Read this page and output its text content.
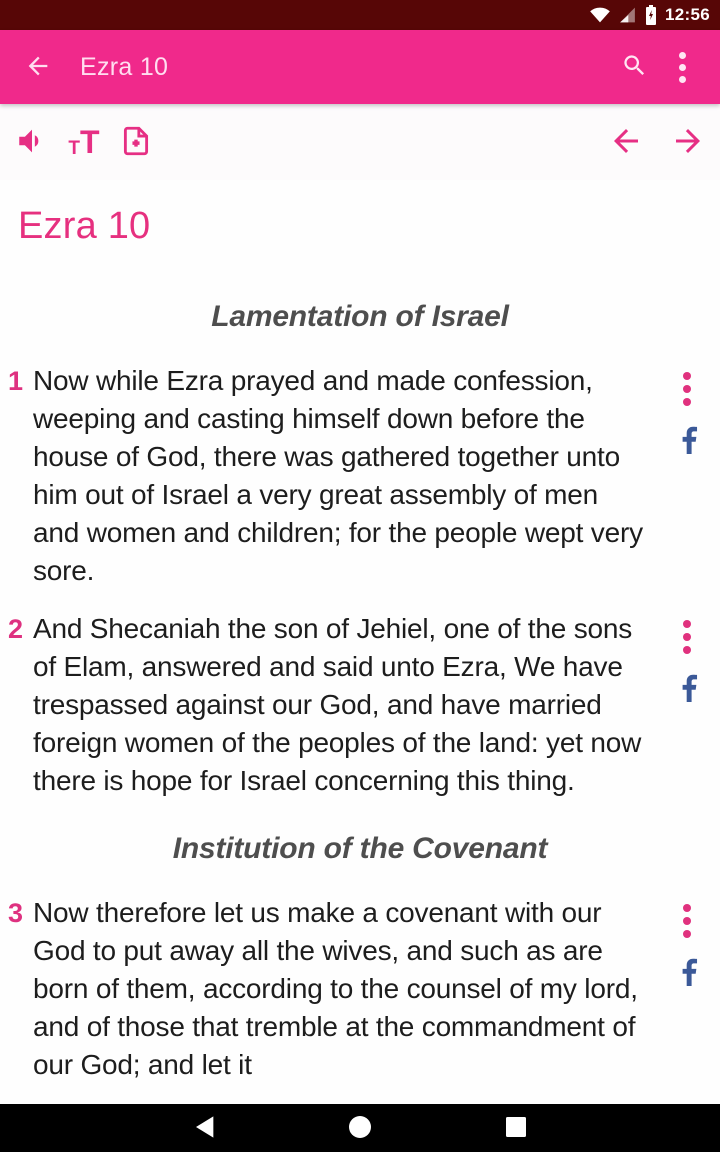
12:56
Ezra 10
T T
Ezra 10
Lamentation of Israel
1 Now while Ezra prayed and made confession, weeping and casting himself down before the house of God, there was gathered together unto him out of Israel a very great assembly of men and women and children; for the people wept very sore.
2 And Shecaniah the son of Jehiel, one of the sons of Elam, answered and said unto Ezra, We have trespassed against our God, and have married foreign women of the peoples of the land: yet now there is hope for Israel concerning this thing.
Institution of the Covenant
3 Now therefore let us make a covenant with our God to put away all the wives, and such as are born of them, according to the counsel of my lord, and of those that tremble at the commandment of our God; and let it
